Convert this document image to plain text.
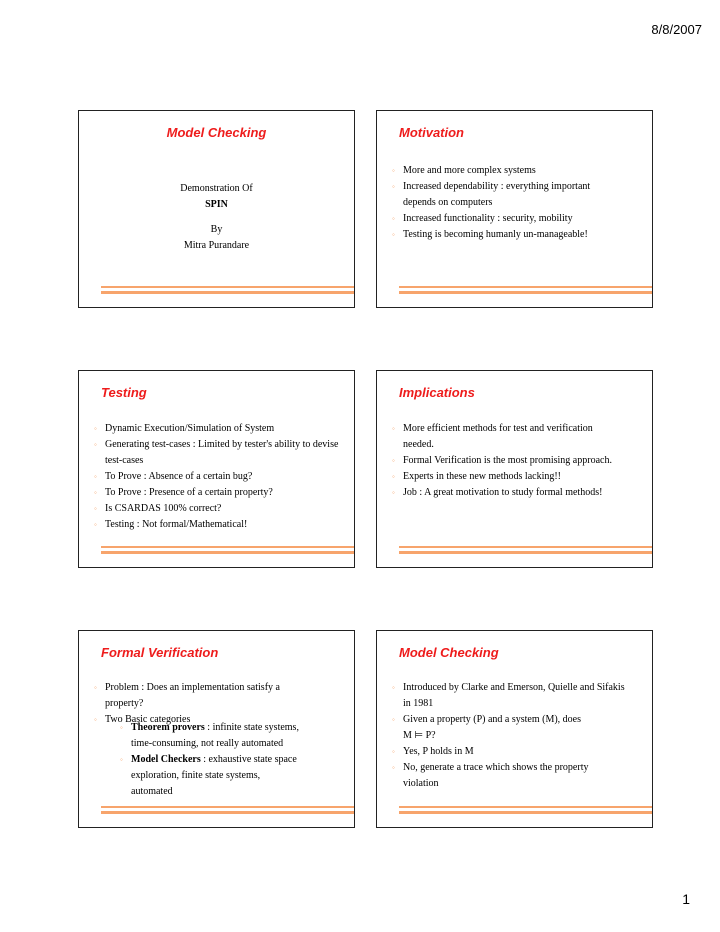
8/8/2007
Model Checking
Demonstration Of
SPIN
By
Mitra Purandare
Motivation
◦ More and more complex systems
◦ Increased dependability : everything important depends on computers
◦ Increased functionality : security, mobility
◦ Testing is becoming humanly un-manageable!
Testing
◦ Dynamic Execution/Simulation of System
◦ Generating test-cases : Limited by tester's ability to devise test-cases
◦ To Prove : Absence of a certain bug?
◦ To Prove : Presence of a certain property?
◦ Is CSARDAS 100% correct?
◦ Testing : Not formal/Mathematical!
Implications
◦ More efficient methods for test and verification needed.
◦ Formal Verification is the most promising approach.
◦ Experts in these new methods lacking!!
◦ Job : A great motivation to study formal methods!
Formal Verification
◦ Problem : Does an implementation satisfy a property?
◦ Two Basic categories
◦ Theorem provers : infinite state systems, time-consuming, not really automated
◦ Model Checkers : exhaustive state space exploration, finite state systems, automated
Model Checking
◦ Introduced by Clarke and Emerson, Quielle and Sifakis in 1981
◦ Given a property (P) and a system (M), does M ⊨ P?
◦ Yes, P holds in M
◦ No, generate a trace which shows the property violation
1
